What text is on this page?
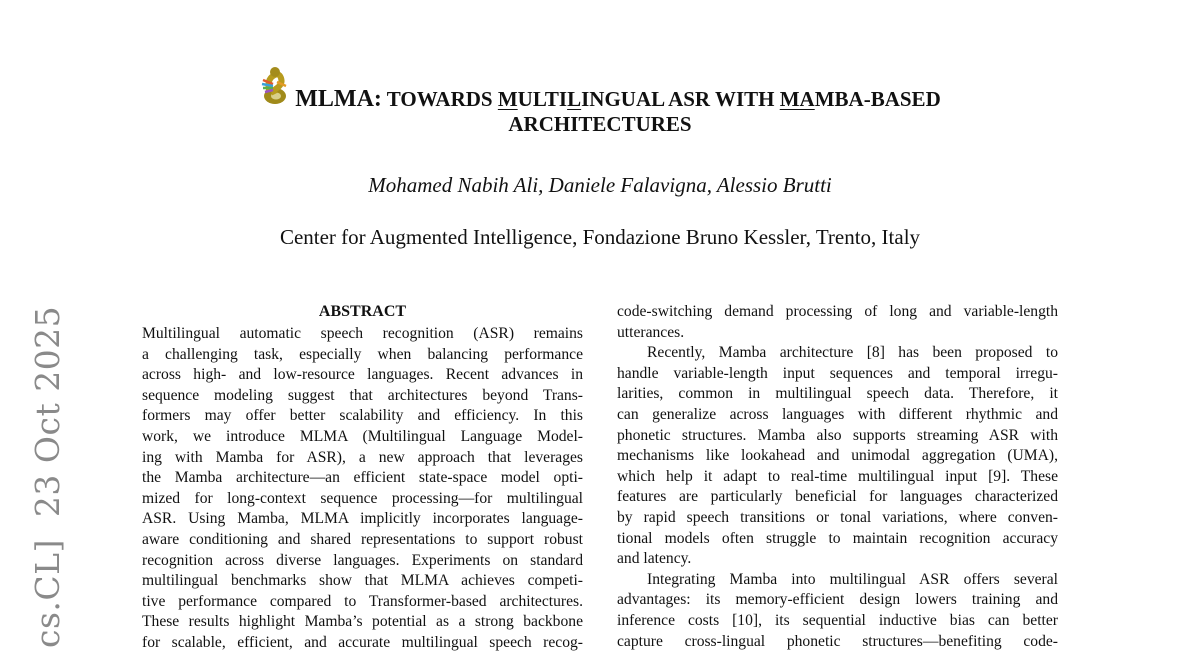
cs.CL]  23 Oct 2025
MLMA: TOWARDS MULTILINGUAL ASR WITH MAMBA-BASED
ARCHITECTURES
Mohamed Nabih Ali, Daniele Falavigna, Alessio Brutti
Center for Augmented Intelligence, Fondazione Bruno Kessler, Trento, Italy
ABSTRACT
Multilingual automatic speech recognition (ASR) remains
a challenging task, especially when balancing performance
across high- and low-resource languages. Recent advances in
sequence modeling suggest that architectures beyond Trans-
formers may offer better scalability and efficiency. In this
work, we introduce MLMA (Multilingual Language Model-
ing with Mamba for ASR), a new approach that leverages
the Mamba architecture—an efficient state-space model opti-
mized for long-context sequence processing—for multilingual
ASR. Using Mamba, MLMA implicitly incorporates language-
aware conditioning and shared representations to support robust
recognition across diverse languages. Experiments on standard
multilingual benchmarks show that MLMA achieves competi-
tive performance compared to Transformer-based architectures.
These results highlight Mamba’s potential as a strong backbone
for scalable, efficient, and accurate multilingual speech recog-
code-switching demand processing of long and variable-length
utterances.
Recently, Mamba architecture [8] has been proposed to
handle variable-length input sequences and temporal irregu-
larities, common in multilingual speech data. Therefore, it
can generalize across languages with different rhythmic and
phonetic structures. Mamba also supports streaming ASR with
mechanisms like lookahead and unimodal aggregation (UMA),
which help it adapt to real-time multilingual input [9]. These
features are particularly beneficial for languages characterized
by rapid speech transitions or tonal variations, where conven-
tional models often struggle to maintain recognition accuracy
and latency.
Integrating Mamba into multilingual ASR offers several
advantages: its memory-efficient design lowers training and
inference costs [10], its sequential inductive bias can better
capture cross-lingual phonetic structures—benefiting code-
